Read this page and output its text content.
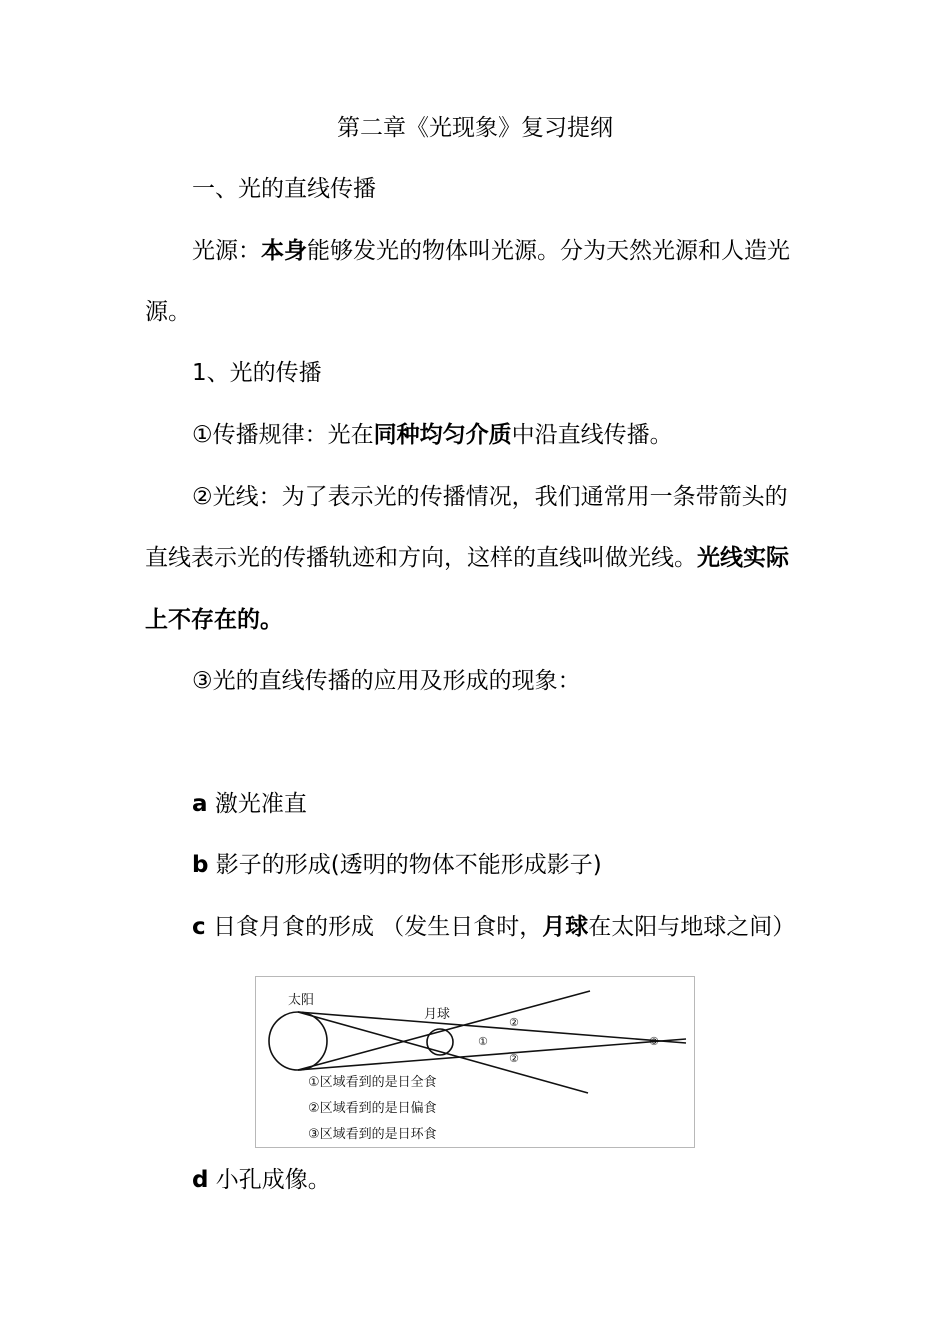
第二章《光现象》复习提纲
一、光的直线传播
光源：本身能够发光的物体叫光源。分为天然光源和人造光
源。
1、光的传播
①传播规律：光在同种均匀介质中沿直线传播。
②光线：为了表示光的传播情况，我们通常用一条带箭头的
直线表示光的传播轨迹和方向，这样的直线叫做光线。光线实际
上不存在的。
③光的直线传播的应用及形成的现象：
a 激光准直
b 影子的形成(透明的物体不能形成影子)
c 日食月食的形成 （发生日食时，月球在太阳与地球之间）
太阳
月球
②
①	③
②
①区域看到的是日全食
②区域看到的是日偏食
③区域看到的是日环食
d 小孔成像。
